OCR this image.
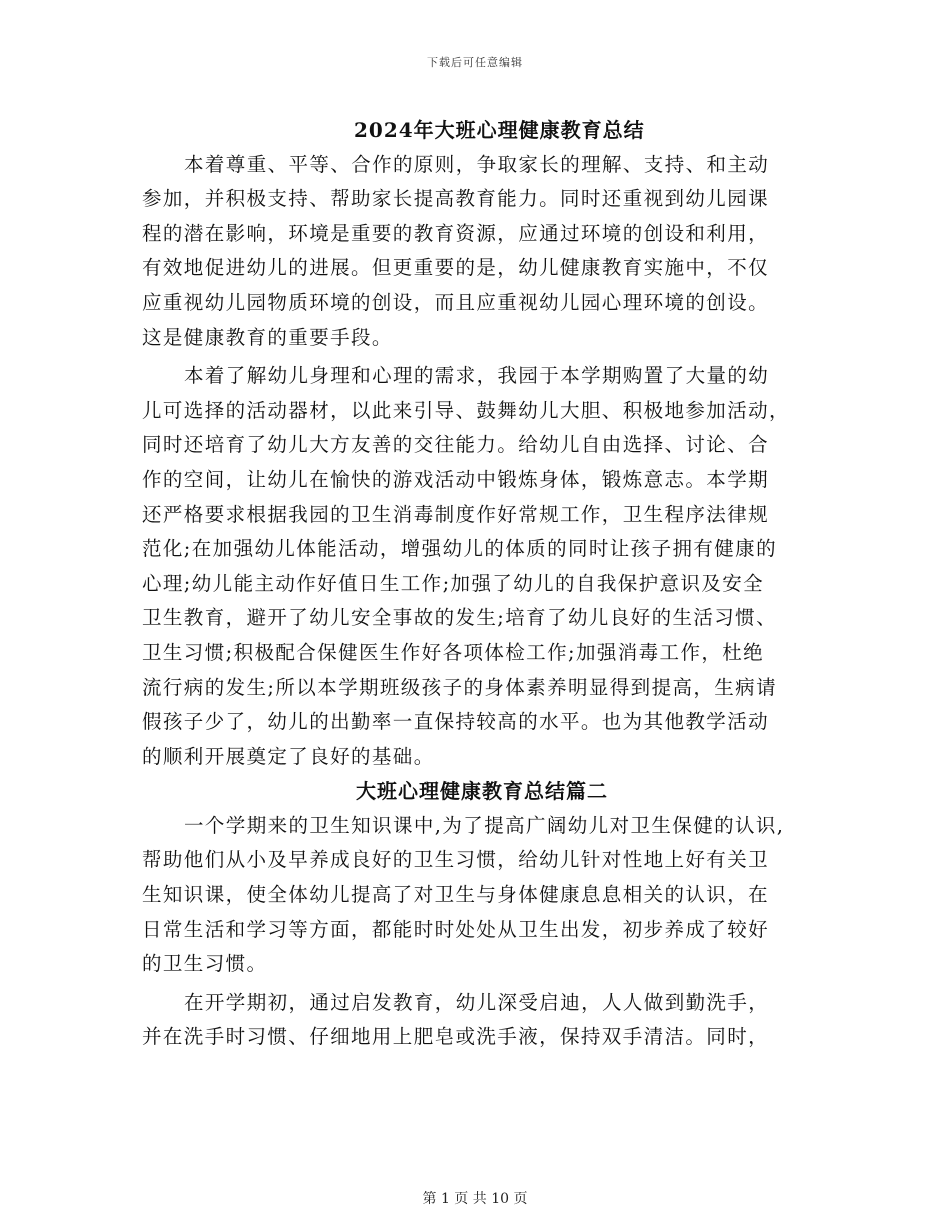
下载后可任意编辑
2024年大班心理健康教育总结
本着尊重、平等、合作的原则，争取家长的理解、支持、和主动
参加，并积极支持、帮助家长提高教育能力。同时还重视到幼儿园课
程的潜在影响，环境是重要的教育资源，应通过环境的创设和利用，
有效地促进幼儿的进展。但更重要的是，幼儿健康教育实施中，不仅
应重视幼儿园物质环境的创设，而且应重视幼儿园心理环境的创设。
这是健康教育的重要手段。
本着了解幼儿身理和心理的需求，我园于本学期购置了大量的幼
儿可选择的活动器材，以此来引导、鼓舞幼儿大胆、积极地参加活动，
同时还培育了幼儿大方友善的交往能力。给幼儿自由选择、讨论、合
作的空间，让幼儿在愉快的游戏活动中锻炼身体，锻炼意志。本学期
还严格要求根据我园的卫生消毒制度作好常规工作，卫生程序法律规
范化;在加强幼儿体能活动，增强幼儿的体质的同时让孩子拥有健康的
心理;幼儿能主动作好值日生工作;加强了幼儿的自我保护意识及安全
卫生教育，避开了幼儿安全事故的发生;培育了幼儿良好的生活习惯、
卫生习惯;积极配合保健医生作好各项体检工作;加强消毒工作，杜绝
流行病的发生;所以本学期班级孩子的身体素养明显得到提高，生病请
假孩子少了，幼儿的出勤率一直保持较高的水平。也为其他教学活动
的顺利开展奠定了良好的基础。
大班心理健康教育总结篇二
一个学期来的卫生知识课中,为了提高广阔幼儿对卫生保健的认识,
帮助他们从小及早养成良好的卫生习惯，给幼儿针对性地上好有关卫
生知识课，使全体幼儿提高了对卫生与身体健康息息相关的认识，在
日常生活和学习等方面，都能时时处处从卫生出发，初步养成了较好
的卫生习惯。
在开学期初，通过启发教育，幼儿深受启迪，人人做到勤洗手，
并在洗手时习惯、仔细地用上肥皂或洗手液，保持双手清洁。同时，
第 1 页 共 10 页
